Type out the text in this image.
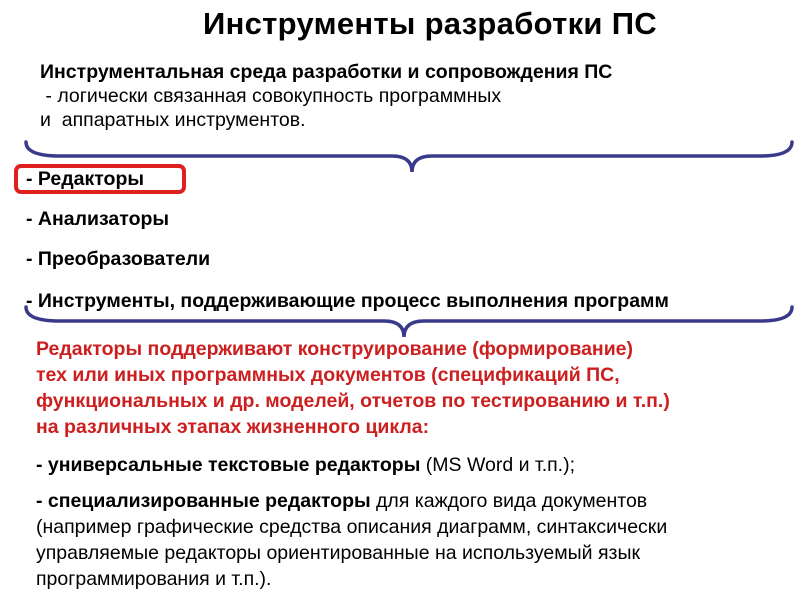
Инструменты разработки ПС
Инструментальная среда разработки и сопровождения ПС
- логически связанная совокупность программных
и  аппаратных инструментов.
- Редакторы
- Анализаторы
- Преобразователи
- Инструменты, поддерживающие процесс выполнения программ
Редакторы поддерживают конструирование (формирование)
тех или иных программных документов (спецификаций ПС,
функциональных и др. моделей, отчетов по тестированию и т.п.)
на различных этапах жизненного цикла:
- универсальные текстовые редакторы (MS Word и т.п.);
- специализированные редакторы для каждого вида документов
(например графические средства описания диаграмм, синтаксически
управляемые редакторы ориентированные на используемый язык
программирования и т.п.).
